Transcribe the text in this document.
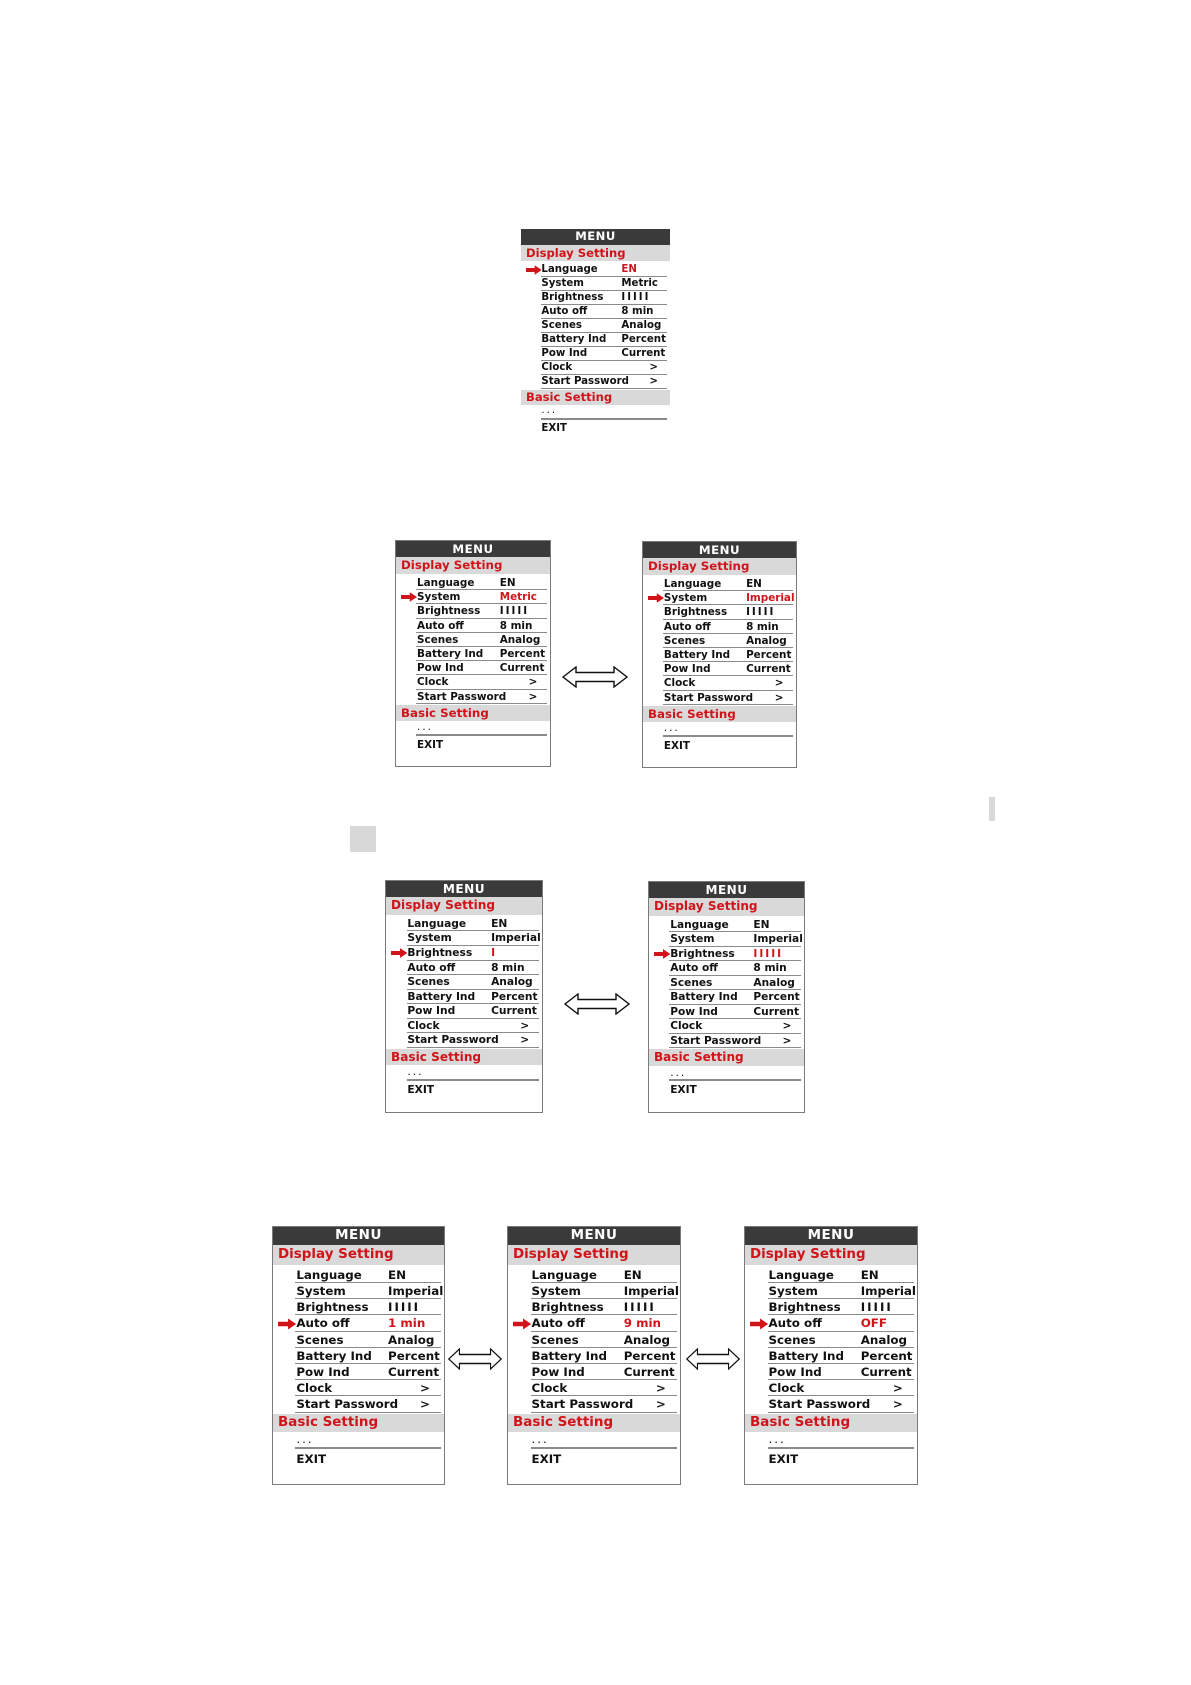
MENU
Display Setting
Language EN
System	Metric
Brightness IIIII
Auto off	8 min
Scenes	Analog
Battery Ind Percent
Pow Ind	Current
Clock	>
Start Password >
Basic Setting
...
EXIT
MENU
Display Setting
Language EN
System	Metric
Brightness IIIII
Auto off	8 min
Scenes	Analog
Battery Ind Percent
Pow Ind	Current
Clock	>
Start Password >
Basic Setting
...
EXIT
MENU
Display Setting
Language EN
System	Imperial
Brightness IIIII
Auto off	8 min
Scenes	Analog
Battery Ind Percent
Pow Ind	Current
Clock	>
Start Password >
Basic Setting
...
EXIT
MENU
Display Setting
Language EN
System	Imperial
Brightness I
Auto off	8 min
Scenes	Analog
Battery Ind Percent
Pow Ind	Current
Clock	>
Start Password >
Basic Setting
...
EXIT
MENU
Display Setting
Language EN
System	Imperial
Brightness IIIII
Auto off	8 min
Scenes	Analog
Battery Ind Percent
Pow Ind	Current
Clock	>
Start Password >
Basic Setting
...
EXIT
MENU
Display Setting
Language EN
System	Imperial
Brightness IIIII
Auto off	1 min
Scenes	Analog
Battery Ind Percent
Pow Ind	Current
Clock	>
Start Password >
Basic Setting
...
EXIT
MENU
Display Setting
Language EN
System	Imperial
Brightness IIIII
Auto off	9 min
Scenes	Analog
Battery Ind Percent
Pow Ind	Current
Clock	>
Start Password >
Basic Setting
...
EXIT
MENU
Display Setting
Language EN
System	Imperial
Brightness IIIII
Auto off	OFF
Scenes	Analog
Battery Ind Percent
Pow Ind	Current
Clock	>
Start Password >
Basic Setting
...
EXIT
